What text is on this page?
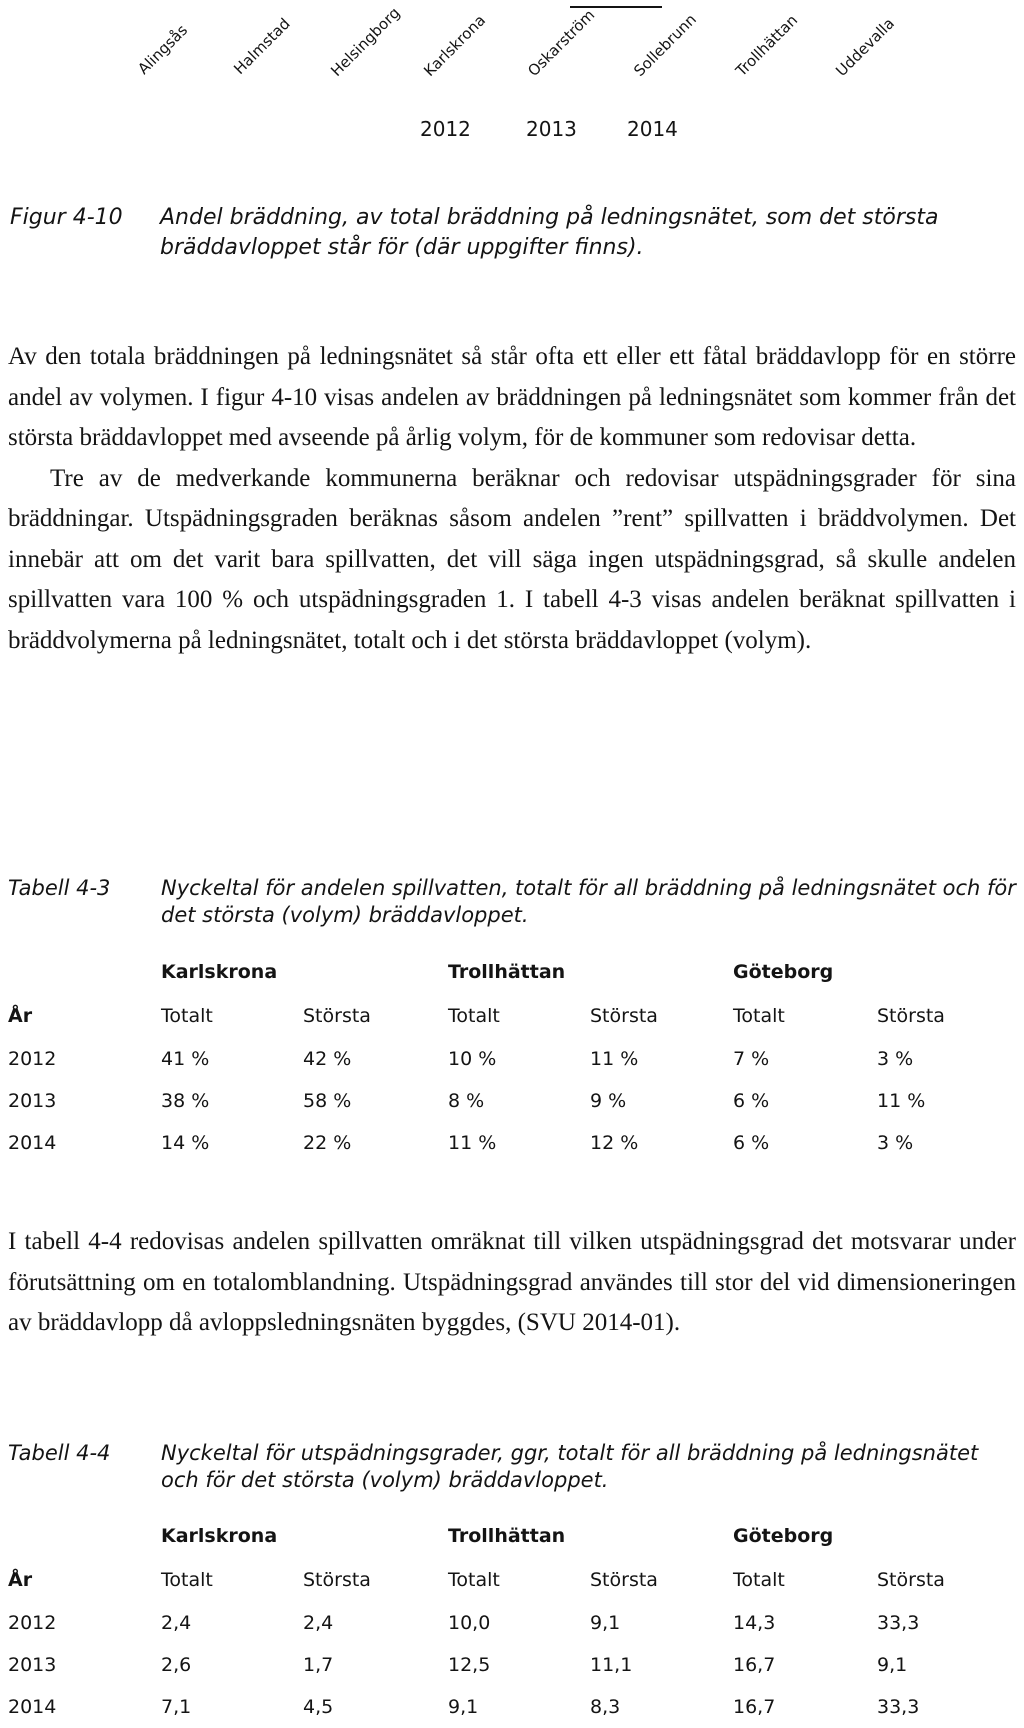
Alingsås	Halmstad Helsingborg Karlskrona Oskarström Sollebrunn Trollhättan Uddevalla
2012	2013	2014
Figur 4-10 Andel bräddning, av total bräddning på ledningsnätet, som det största bräddavloppet står för (där uppgifter finns).

Av den totala bräddningen på ledningsnätet så står ofta ett eller ett fåtal bräddavlopp för en större andel av volymen. I figur 4-10 visas andelen av bräddningen på ledningsnätet som kommer från det största bräddavloppet med avseende på årlig volym, för de kommuner som redovisar detta.

Tre av de medverkande kommunerna beräknar och redovisar utspädningsgrader för sina bräddningar. Utspädningsgraden beräknas såsom andelen ”rent” spillvatten i bräddvolymen. Det innebär att om det varit bara spillvatten, det vill säga ingen utspädningsgrad, så skulle andelen spillvatten vara 100 % och utspädningsgraden 1. I tabell 4-3 visas andelen beräknat spillvatten i bräddvolymerna på ledningsnätet, totalt och i det största bräddavloppet (volym).

Tabell 4-3 Nyckeltal för andelen spillvatten, totalt för all bräddning på ledningsnätet och för det största (volym) bräddavloppet.
	Karlskrona		Trollhättan		Göteborg	
År	Totalt	Största	Totalt	Största	Totalt	Största
2012	41 %	42 %	10 %	11 %	7 %	3 %
2013	38 %	58 %	8 %	9 %	6 %	11 %
2014	14 %	22 %	11 %	12 %	6 %	3 %

I tabell 4-4 redovisas andelen spillvatten omräknat till vilken utspädningsgrad det motsvarar under förutsättning om en totalomblandning. Utspädningsgrad användes till stor del vid dimensioneringen av bräddavlopp då avloppsledningsnäten byggdes, (SVU 2014-01).

Tabell 4-4 Nyckeltal för utspädningsgrader, ggr, totalt för all bräddning på ledningsnätet och för det största (volym) bräddavloppet.
	Karlskrona		Trollhättan		Göteborg	
År	Totalt	Största	Totalt	Största	Totalt	Största
2012	2,4	2,4	10,0	9,1	14,3	33,3
2013	2,6	1,7	12,5	11,1	16,7	9,1
2014	7,1	4,5	9,1	8,3	16,7	33,3
